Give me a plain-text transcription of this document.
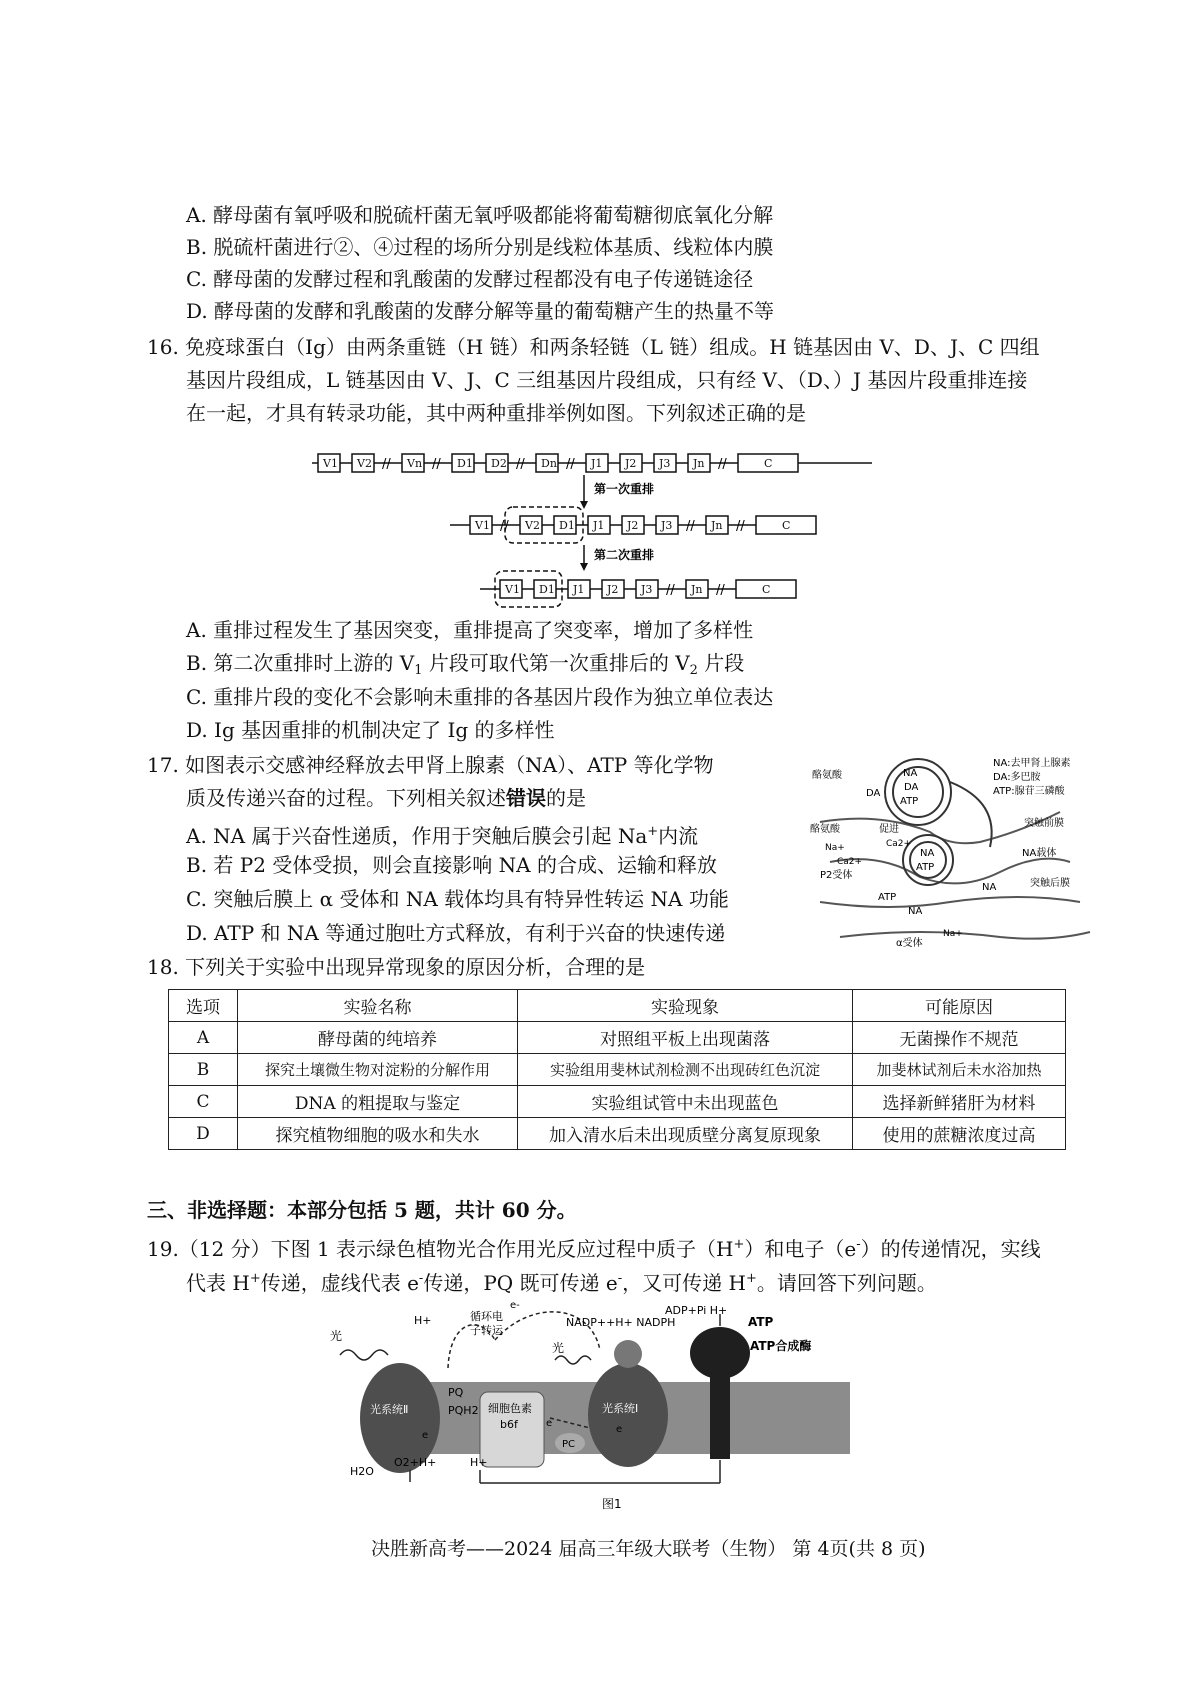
A. 酵母菌有氧呼吸和脱硫杆菌无氧呼吸都能将葡萄糖彻底氧化分解
B. 脱硫杆菌进行②、④过程的场所分别是线粒体基质、线粒体内膜
C. 酵母菌的发酵过程和乳酸菌的发酵过程都没有电子传递链途径
D. 酵母菌的发酵和乳酸菌的发酵分解等量的葡萄糖产生的热量不等
16. 免疫球蛋白（Ig）由两条重链（H 链）和两条轻链（L 链）组成。H 链基因由 V、D、J、C 四组
基因片段组成，L 链基因由 V、J、C 三组基因片段组成，只有经 V、（D、）J 基因片段重排连接
在一起，才具有转录功能，其中两种重排举例如图。下列叙述正确的是
V1 V2 // Vn // D1 D2 // Dn // J1 J2 J3 Jn //	C
第一次重排
V1 // V2 D1 J1 J2 J3 // Jn //	C
第二次重排
V1 D1 J1 J2 J3 // Jn //	C
A. 重排过程发生了基因突变，重排提高了突变率，增加了多样性
B. 第二次重排时上游的 $V_1$ 片段可取代第一次重排后的 $V_2$ 片段
C. 重排片段的变化不会影响未重排的各基因片段作为独立单位表达
D. Ig 基因重排的机制决定了 Ig 的多样性
17. 如图表示交感神经释放去甲肾上腺素（NA）、ATP 等化学物
质及传递兴奋的过程。下列相关叙述错误的是
A. NA 属于兴奋性递质，作用于突触后膜会引起 Na+内流
B. 若 P2 受体受损，则会直接影响 NA 的合成、运输和释放
C. 突触后膜上 α 受体和 NA 载体均具有特异性转运 NA 功能
D. ATP 和 NA 等通过胞吐方式释放，有利于兴奋的快速传递
NA
DA
ATP
DA
酪氨酸
酪氨酸
Na+
促进
Ca2+
Ca2+
P2受体
NA
ATP
ATP
NA
NA
NA:去甲肾上腺素
DA:多巴胺
ATP:腺苷三磷酸
突触前膜
NA载体
突触后膜
α受体
Na+
18. 下列关于实验中出现异常现象的原因分析，合理的是
选项	实验名称	实验现象	可能原因
A	酵母菌的纯培养	对照组平板上出现菌落	无菌操作不规范
B	探究土壤微生物对淀粉的分解作用	实验组用斐林试剂检测不出现砖红色沉淀	加斐林试剂后未水浴加热
C	DNA 的粗提取与鉴定	实验组试管中未出现蓝色	选择新鲜猪肝为材料
D	探究植物细胞的吸水和失水	加入清水后未出现质壁分离复原现象	使用的蔗糖浓度过高
三、非选择题：本部分包括 5 题，共计 60 分。
19.（12 分）下图 1 表示绿色植物光合作用光反应过程中质子（H+）和电子（e-）的传递情况，实线
代表 H+传递，虚线代表 e-传递，PQ 既可传递 e-，又可传递 H+。请回答下列问题。
光
光
H+	循环电
子转运
e-
NADP++H+ NADPH
ADP+Pi H+
ATP
ATP合成酶
光系统Ⅱ
PQ
PQH2 细胞色素
b6f
光系统Ⅰ
PC
e
e
e
H2O
O2+H+	H+
图1
决胜新高考——2024 届高三年级大联考（生物） 第 4页(共 8 页)
